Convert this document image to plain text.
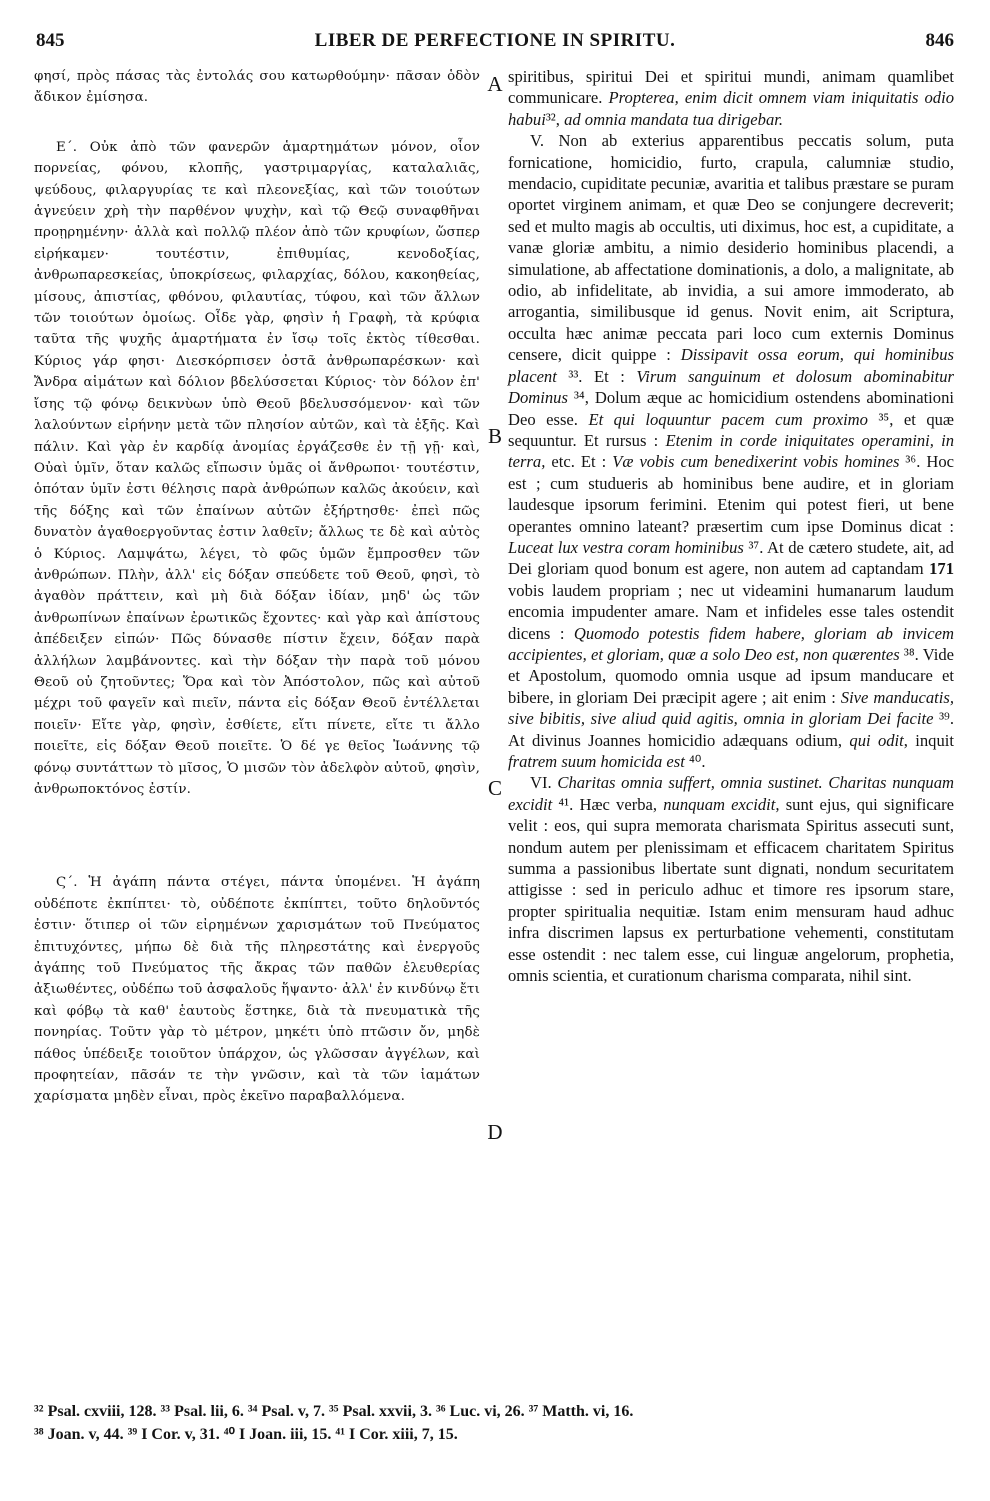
845	LIBER DE PERFECTIONE IN SPIRITU.	846

φησί, πρὸς πάσας τὰς ἐντολάς σου κατωρθούμην· πᾶσαν ὁδὸν ἄδικον ἐμίσησα.

Ε΄. Οὐκ ἀπὸ τῶν φανερῶν ἁμαρτημάτων μόνον, οἷον πορνείας, φόνου, κλοπῆς, γαστριμαργίας, καταλαλιᾶς, ψεύδους, φιλαργυρίας τε καὶ πλεονεξίας, καὶ τῶν τοιούτων ἁγνεύειν χρὴ τὴν παρθένον ψυχὴν, καὶ τῷ Θεῷ συναφθῆναι προῃρημένην· ἀλλὰ καὶ πολλῷ πλέον ἀπὸ τῶν κρυφίων, ὥσπερ εἰρήκαμεν· τουτέστιν, ἐπιθυμίας, κενοδοξίας, ἀνθρωπαρεσκείας, ὑποκρίσεως, φιλαρχίας, δόλου, κακοηθείας, μίσους, ἀπιστίας, φθόνου, φιλαυτίας, τύφου, καὶ τῶν ἄλλων τῶν τοιούτων ὁμοίως. Οἶδε γὰρ, φησὶν ἡ Γραφὴ, τὰ κρύφια ταῦτα τῆς ψυχῆς ἁμαρτήματα ἐν ἴσῳ τοῖς ἐκτὸς τίθεσθαι. Κύριος γάρ φησι· Διεσκόρπισεν ὀστᾶ ἀνθρωπαρέσκων· καὶ Ἄνδρα αἱμάτων καὶ δόλιον βδελύσσεται Κύριος· τὸν δόλον ἐπ' ἴσης τῷ φόνῳ δεικνὺων ὑπὸ Θεοῦ βδελυσσόμενον· καὶ τῶν λαλούντων εἰρήνην μετὰ τῶν πλησίον αὐτῶν, καὶ τὰ ἑξῆς. Καὶ πάλιν. Καὶ γὰρ ἐν καρδίᾳ ἀνομίας ἐργάζεσθε ἐν τῇ γῇ· καὶ, Οὐαὶ ὑμῖν, ὅταν καλῶς εἴπωσιν ὑμᾶς οἱ ἄνθρωποι· τουτέστιν, ὁπόταν ὑμῖν ἐστι θέλησις παρὰ ἀνθρώπων καλῶς ἀκούειν, καὶ τῆς δόξης καὶ τῶν ἐπαίνων αὐτῶν ἐξήρτησθε· ἐπεὶ πῶς δυνατὸν ἀγαθοεργοῦντας ἐστιν λαθεῖν; ἄλλως τε δὲ καὶ αὐτὸς ὁ Κύριος. Λαμψάτω, λέγει, τὸ φῶς ὑμῶν ἔμπροσθεν τῶν ἀνθρώπων. Πλὴν, ἀλλ' εἰς δόξαν σπεύδετε τοῦ Θεοῦ, φησὶ, τὸ ἀγαθὸν πράττειν, καὶ μὴ διὰ δόξαν ἰδίαν, μηδ' ὡς τῶν ἀνθρωπίνων ἐπαίνων ἐρωτικῶς ἔχοντες· καὶ γὰρ καὶ ἀπίστους ἀπέδειξεν εἰπών· Πῶς δύνασθε πίστιν ἔχειν, δόξαν παρὰ ἀλλήλων λαμβάνοντες. καὶ τὴν δόξαν τὴν παρὰ τοῦ μόνου Θεοῦ οὐ ζητοῦντες; Ὅρα καὶ τὸν Ἀπόστολον, πῶς καὶ αὐτοῦ μέχρι τοῦ φαγεῖν καὶ πιεῖν, πάντα εἰς δόξαν Θεοῦ ἐντέλλεται ποιεῖν· Εἴτε γὰρ, φησὶν, ἐσθίετε, εἴτι πίνετε, εἴτε τι ἄλλο ποιεῖτε, εἰς δόξαν Θεοῦ ποιεῖτε. Ὁ δέ γε θεῖος Ἰωάννης τῷ φόνῳ συντάττων τὸ μῖσος, Ὁ μισῶν τὸν ἀδελφὸν αὐτοῦ, φησὶν, ἀνθρωποκτόνος ἐστίν.

Ϛ΄. Ἡ ἀγάπη πάντα στέγει, πάντα ὑπομένει. Ἡ ἀγάπη οὐδέποτε ἐκπίπτει· τὸ, οὐδέποτε ἐκπίπτει, τοῦτο δηλοῦντός ἐστιν· ὅτιπερ οἱ τῶν εἰρημένων χαρισμάτων τοῦ Πνεύματος ἐπιτυχόντες, μήπω δὲ διὰ τῆς πληρεστάτης καὶ ἐνεργοῦς ἀγάπης τοῦ Πνεύματος τῆς ἄκρας τῶν παθῶν ἐλευθερίας ἀξιωθέντες, οὐδέπω τοῦ ἀσφαλοῦς ἥψαντο· ἀλλ' ἐν κινδύνῳ ἔτι καὶ φόβῳ τὰ καθ' ἑαυτοὺς ἕστηκε, διὰ τὰ πνευματικὰ τῆς πονηρίας. Τοῦτν γὰρ τὸ μέτρον, μηκέτι ὑπὸ πτῶσιν ὄν, μηδὲ πάθος ὑπέδειξε τοιοῦτον ὑπάρχον, ὡς γλῶσσαν ἀγγέλων, καὶ προφητείαν, πᾶσάν τε τὴν γνῶσιν, καὶ τὰ τῶν ἰαμάτων χαρίσματα μηδὲν εἶναι, πρὸς ἐκεῖνο παραβαλλόμενα.

A
B
C
D

spiritibus, spiritui Dei et spiritui mundi, animam quamlibet communicare. Propterea, enim dicit omnem viam iniquitatis odio habui³², ad omnia mandata tua dirigebar.

V. Non ab exterius apparentibus peccatis solum, puta fornicatione, homicidio, furto, crapula, calumniæ studio, mendacio, cupiditate pecuniæ, avaritia et talibus præstare se puram oportet virginem animam, et quæ Deo se conjungere decreverit; sed et multo magis ab occultis, uti diximus, hoc est, a cupiditate, a vanæ gloriæ ambitu, a nimio desiderio hominibus placendi, a simulatione, ab affectatione dominationis, a dolo, a malignitate, ab odio, ab infidelitate, ab invidia, a sui amore immoderato, ab arrogantia, similibusque id genus. Novit enim, ait Scriptura, occulta hæc animæ peccata pari loco cum externis Dominus censere, dicit quippe : Dissipavit ossa eorum, qui hominibus placent ³³. Et : Virum sanguinum et dolosum abominabitur Dominus ³⁴, Dolum æque ac homicidium ostendens abominationi Deo esse. Et qui loquuntur pacem cum proximo ³⁵, et quæ sequuntur. Et rursus : Etenim in corde iniquitates operamini, in terra, etc. Et : Væ vobis cum benedixerint vobis homines ³⁶. Hoc est ; cum studueris ab hominibus bene audire, et in gloriam laudesque ipsorum ferimini. Etenim qui potest fieri, ut bene operantes omnino lateant? præsertim cum ipse Dominus dicat : Luceat lux vestra coram hominibus ³⁷. At de cætero studete, ait, ad Dei gloriam quod bonum est agere, non autem ad captandam 171 vobis laudem propriam ; nec ut videamini humanarum laudum encomia impudenter amare. Nam et infideles esse tales ostendit dicens : Quomodo potestis fidem habere, gloriam ab invicem accipientes, et gloriam, quæ a solo Deo est, non quærentes ³⁸. Vide et Apostolum, quomodo omnia usque ad ipsum manducare et bibere, in gloriam Dei præcipit agere ; ait enim : Sive manducatis, sive bibitis, sive aliud quid agitis, omnia in gloriam Dei facite ³⁹. At divinus Joannes homicidio adæquans odium, qui odit, inquit fratrem suum homicida est ⁴⁰.

VI. Charitas omnia suffert, omnia sustinet. Charitas nunquam excidit ⁴¹. Hæc verba, nunquam excidit, sunt ejus, qui significare velit : eos, qui supra memorata charismata Spiritus assecuti sunt, nondum autem per plenissimam et efficacem charitatem Spiritus summa a passionibus libertate sunt dignati, nondum securitatem attigisse : sed in periculo adhuc et timore res ipsorum stare, propter spiritualia nequitiæ. Istam enim mensuram haud adhuc infra discrimen lapsus ex perturbatione vehementi, constitutam esse ostendit : nec talem esse, cui linguæ angelorum, prophetia, omnis scientia, et curationum charisma comparata, nihil sint.

³² Psal. cxviii, 128. ³³ Psal. lii, 6. ³⁴ Psal. v, 7. ³⁵ Psal. xxvii, 3. ³⁶ Luc. vi, 26. ³⁷ Matth. vi, 16.
³⁸ Joan. v, 44. ³⁹ I Cor. v, 31. ⁴⁰ I Joan. iii, 15. ⁴¹ I Cor. xiii, 7, 15.
